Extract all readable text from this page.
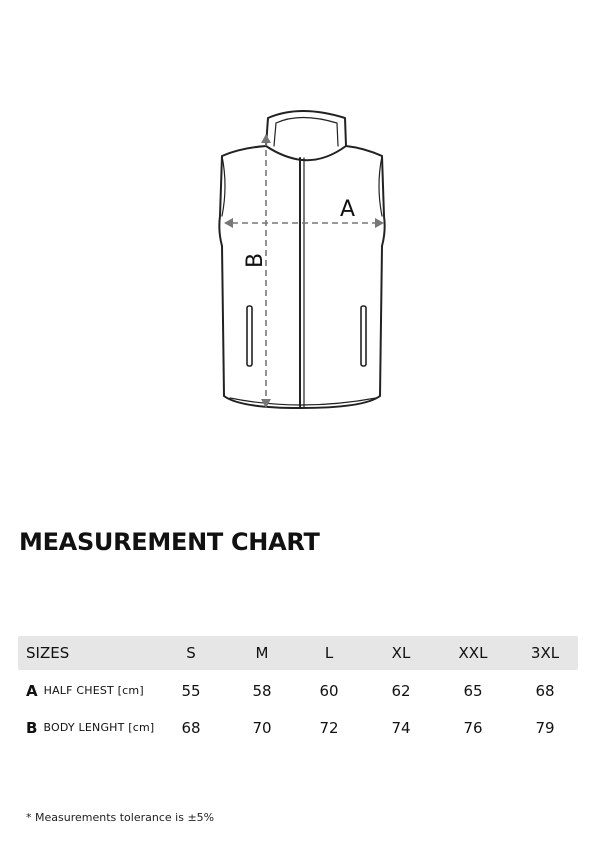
A
B
MEASUREMENT CHART
SIZES	S	M	L	XL	XXL	3XL
A HALF CHEST [cm]	55	58	60	62	65	68
B BODY LENGHT [cm]	68	70	72	74	76	79
* Measurements tolerance is ±5%
